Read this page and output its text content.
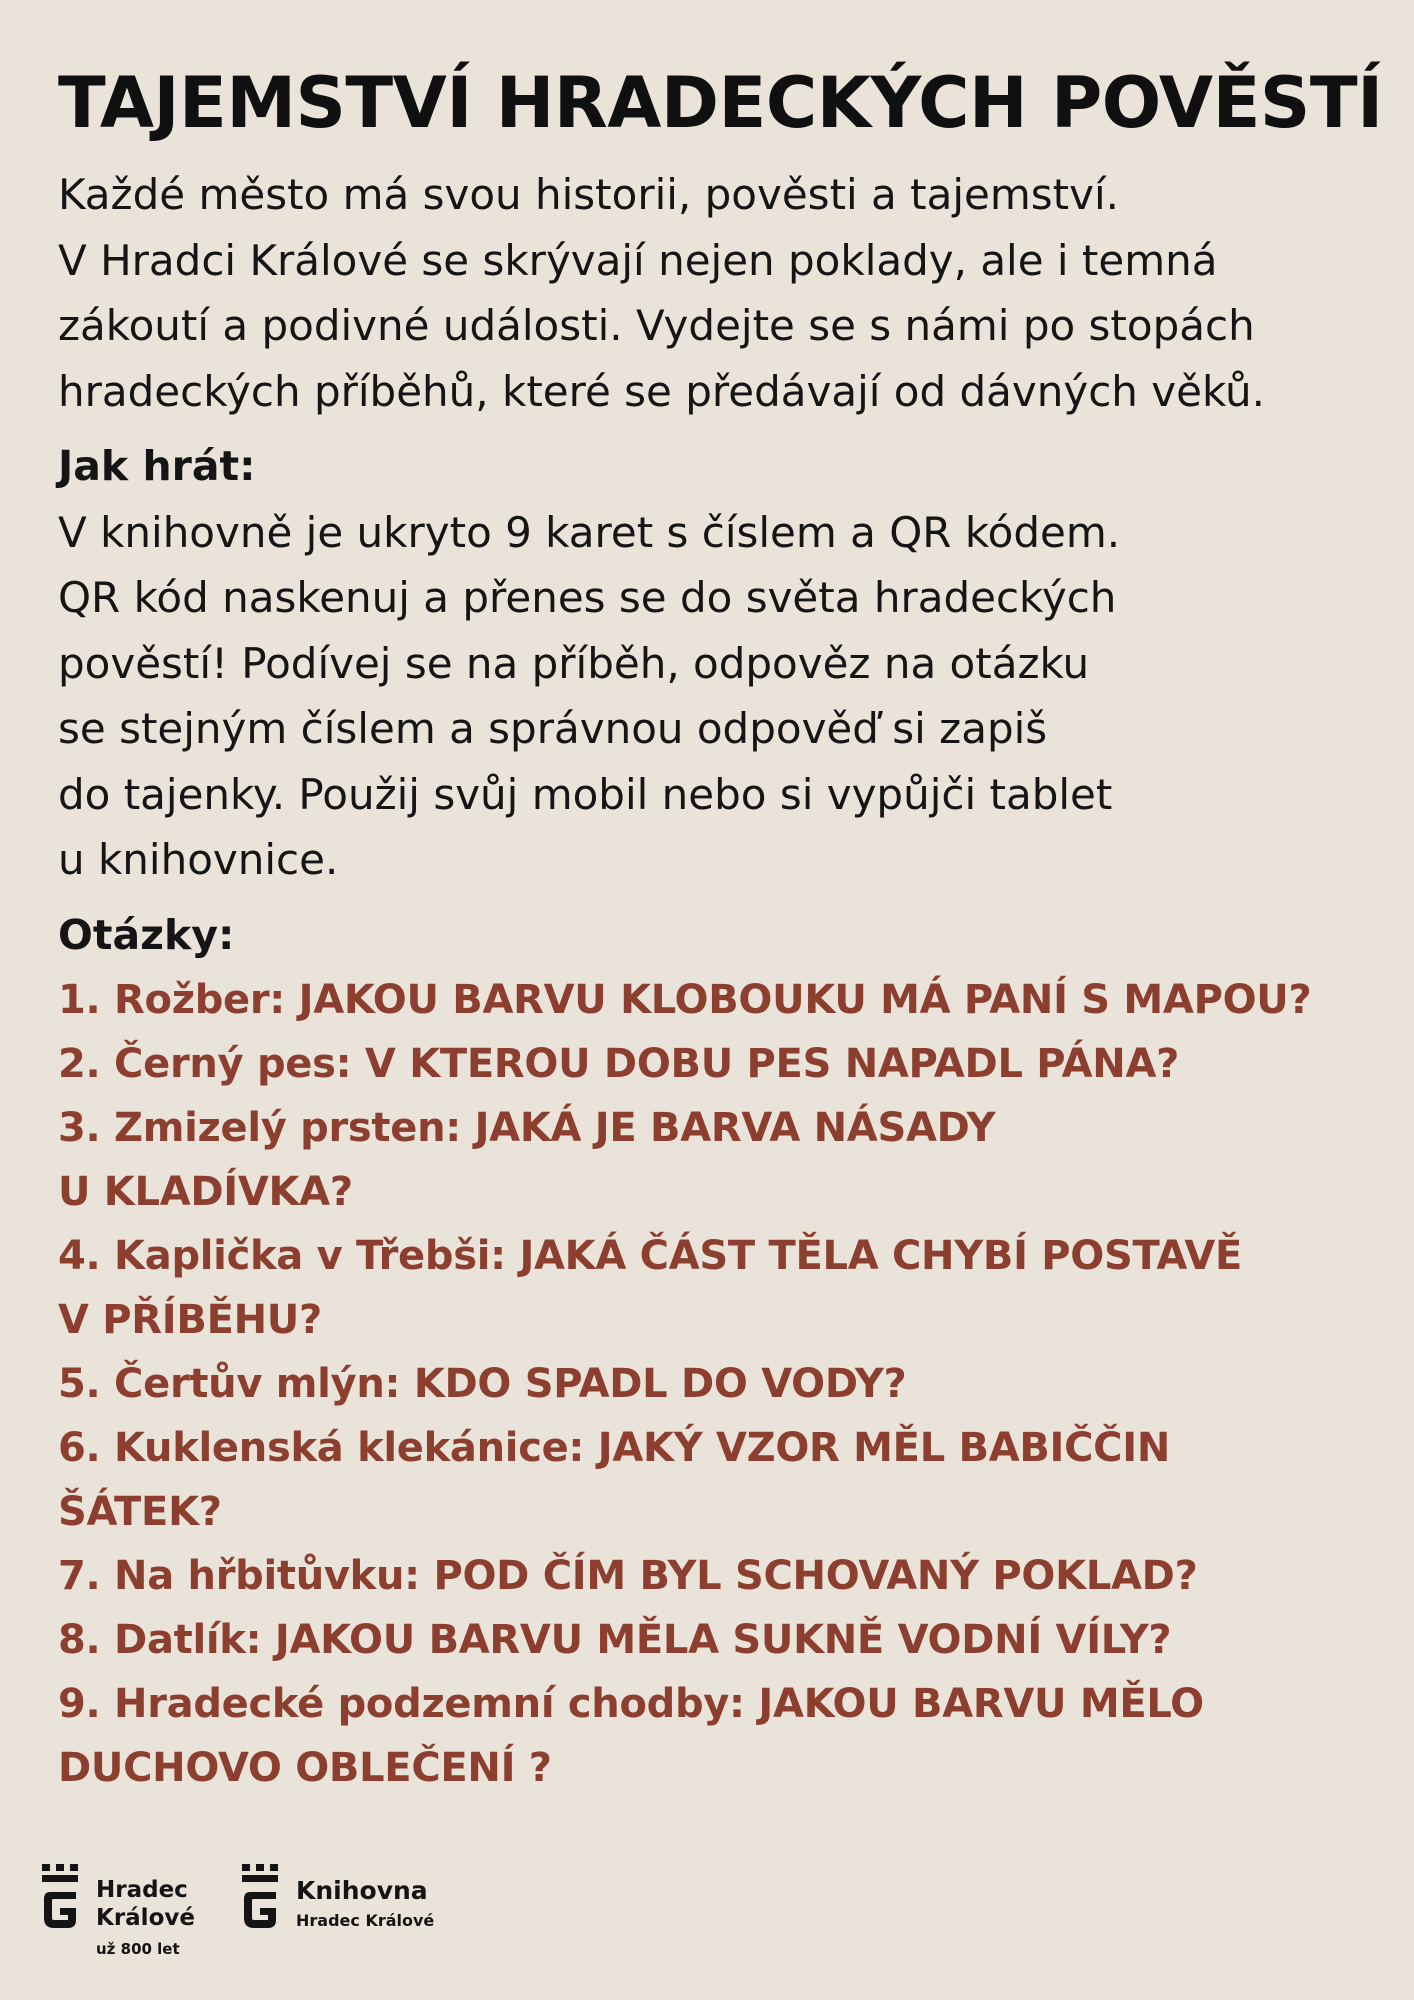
TAJEMSTVÍ HRADECKÝCH POVĚSTÍ
Každé město má svou historii, pověsti a tajemství.
V Hradci Králové se skrývají nejen poklady, ale i temná
zákoutí a podivné události. Vydejte se s námi po stopách
hradeckých příběhů, které se předávají od dávných věků.
Jak hrát:
V knihovně je ukryto 9 karet s číslem a QR kódem.
QR kód naskenuj a přenes se do světa hradeckých
pověstí! Podívej se na příběh, odpověz na otázku
se stejným číslem a správnou odpověď si zapiš
do tajenky. Použij svůj mobil nebo si vypůjči tablet
u knihovnice.
Otázky:
1. Rožber: JAKOU BARVU KLOBOUKU MÁ PANÍ S MAPOU?
2. Černý pes: V KTEROU DOBU PES NAPADL PÁNA?
3. Zmizelý prsten: JAKÁ JE BARVA NÁSADY
U KLADÍVKA?
4. Kaplička v Třebši: JAKÁ ČÁST TĚLA CHYBÍ POSTAVĚ
V PŘÍBĚHU?
5. Čertův mlýn: KDO SPADL DO VODY?
6. Kuklenská klekánice: JAKÝ VZOR MĚL BABIČČIN
ŠÁTEK?
7. Na hřbitůvku: POD ČÍM BYL SCHOVANÝ POKLAD?
8. Datlík: JAKOU BARVU MĚLA SUKNĚ VODNÍ VÍLY?
9. Hradecké podzemní chodby: JAKOU BARVU MĚLO
DUCHOVO OBLEČENÍ ?
Hradec
Králové
už 800 let
Knihovna
Hradec Králové
